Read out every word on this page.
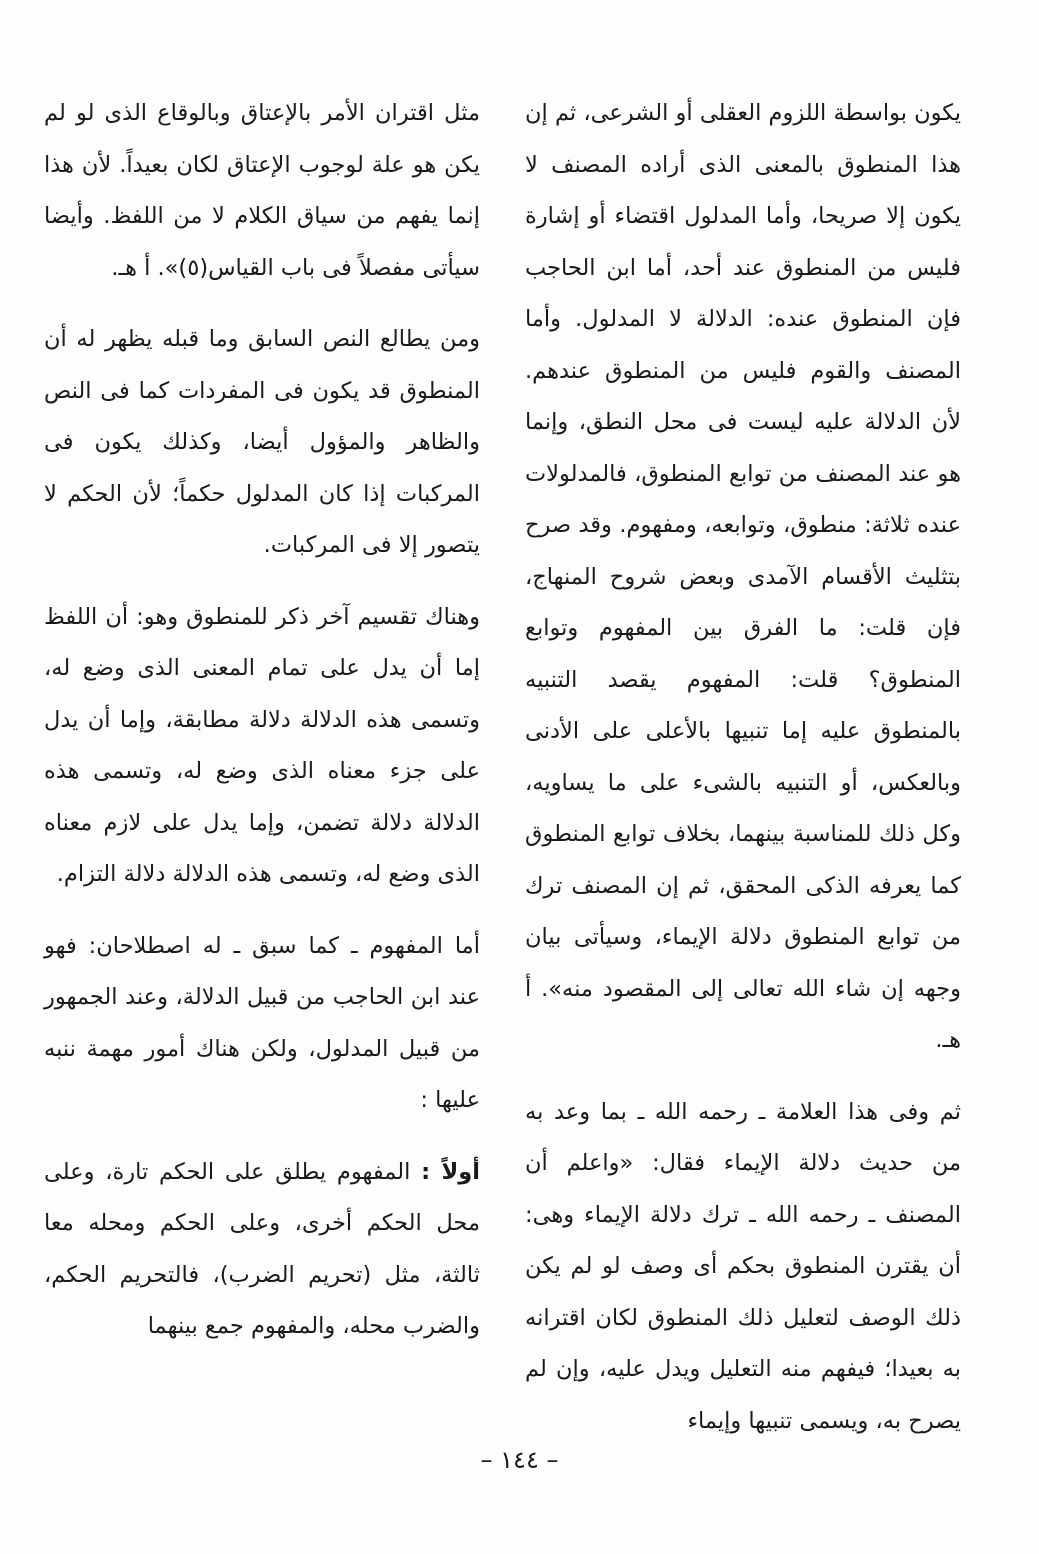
يكون بواسطة اللزوم العقلى أو الشرعى، ثم إن هذا المنطوق بالمعنى الذى أراده المصنف لا يكون إلا صريحا، وأما المدلول اقتضاء أو إشارة فليس من المنطوق عند أحد، أما ابن الحاجب فإن المنطوق عنده: الدلالة لا المدلول. وأما المصنف والقوم فليس من المنطوق عندهم. لأن الدلالة عليه ليست فى محل النطق، وإنما هو عند المصنف من توابع المنطوق، فالمدلولات عنده ثلاثة: منطوق، وتوابعه، ومفهوم. وقد صرح بتثليث الأقسام الآمدى وبعض شروح المنهاج، فإن قلت: ما الفرق بين المفهوم وتوابع المنطوق؟ قلت: المفهوم يقصد التنبيه بالمنطوق عليه إما تنبيها بالأعلى على الأدنى وبالعكس، أو التنبيه بالشىء على ما يساويه، وكل ذلك للمناسبة بينهما، بخلاف توابع المنطوق كما يعرفه الذكى المحقق، ثم إن المصنف ترك من توابع المنطوق دلالة الإيماء، وسيأتى بيان وجهه إن شاء الله تعالى إلى المقصود منه». أ هـ.

ثم وفى هذا العلامة ـ رحمه الله ـ بما وعد به من حديث دلالة الإيماء فقال: «واعلم أن المصنف ـ رحمه الله ـ ترك دلالة الإيماء وهى: أن يقترن المنطوق بحكم أى وصف لو لم يكن ذلك الوصف لتعليل ذلك المنطوق لكان اقترانه به بعيدا؛ فيفهم منه التعليل ويدل عليه، وإن لم يصرح به، ويسمى تنبيها وإيماء

مثل اقتران الأمر بالإعتاق وبالوقاع الذى لو لم يكن هو علة لوجوب الإعتاق لكان بعيداً. لأن هذا إنما يفهم من سياق الكلام لا من اللفظ. وأيضا سيأتى مفصلاً فى باب القياس(٥)». أ هـ.

ومن يطالع النص السابق وما قبله يظهر له أن المنطوق قد يكون فى المفردات كما فى النص والظاهر والمؤول أيضا، وكذلك يكون فى المركبات إذا كان المدلول حكماً؛ لأن الحكم لا يتصور إلا فى المركبات.

وهناك تقسيم آخر ذكر للمنطوق وهو: أن اللفظ إما أن يدل على تمام المعنى الذى وضع له، وتسمى هذه الدلالة دلالة مطابقة، وإما أن يدل على جزء معناه الذى وضع له، وتسمى هذه الدلالة دلالة تضمن، وإما يدل على لازم معناه الذى وضع له، وتسمى هذه الدلالة دلالة التزام.

أما المفهوم ـ كما سبق ـ له اصطلاحان: فهو عند ابن الحاجب من قبيل الدلالة، وعند الجمهور من قبيل المدلول، ولكن هناك أمور مهمة ننبه عليها :

أولاً : المفهوم يطلق على الحكم تارة، وعلى محل الحكم أخرى، وعلى الحكم ومحله معا ثالثة، مثل (تحريم الضرب)، فالتحريم الحكم، والضرب محله، والمفهوم جمع بينهما

– ١٤٤ –
